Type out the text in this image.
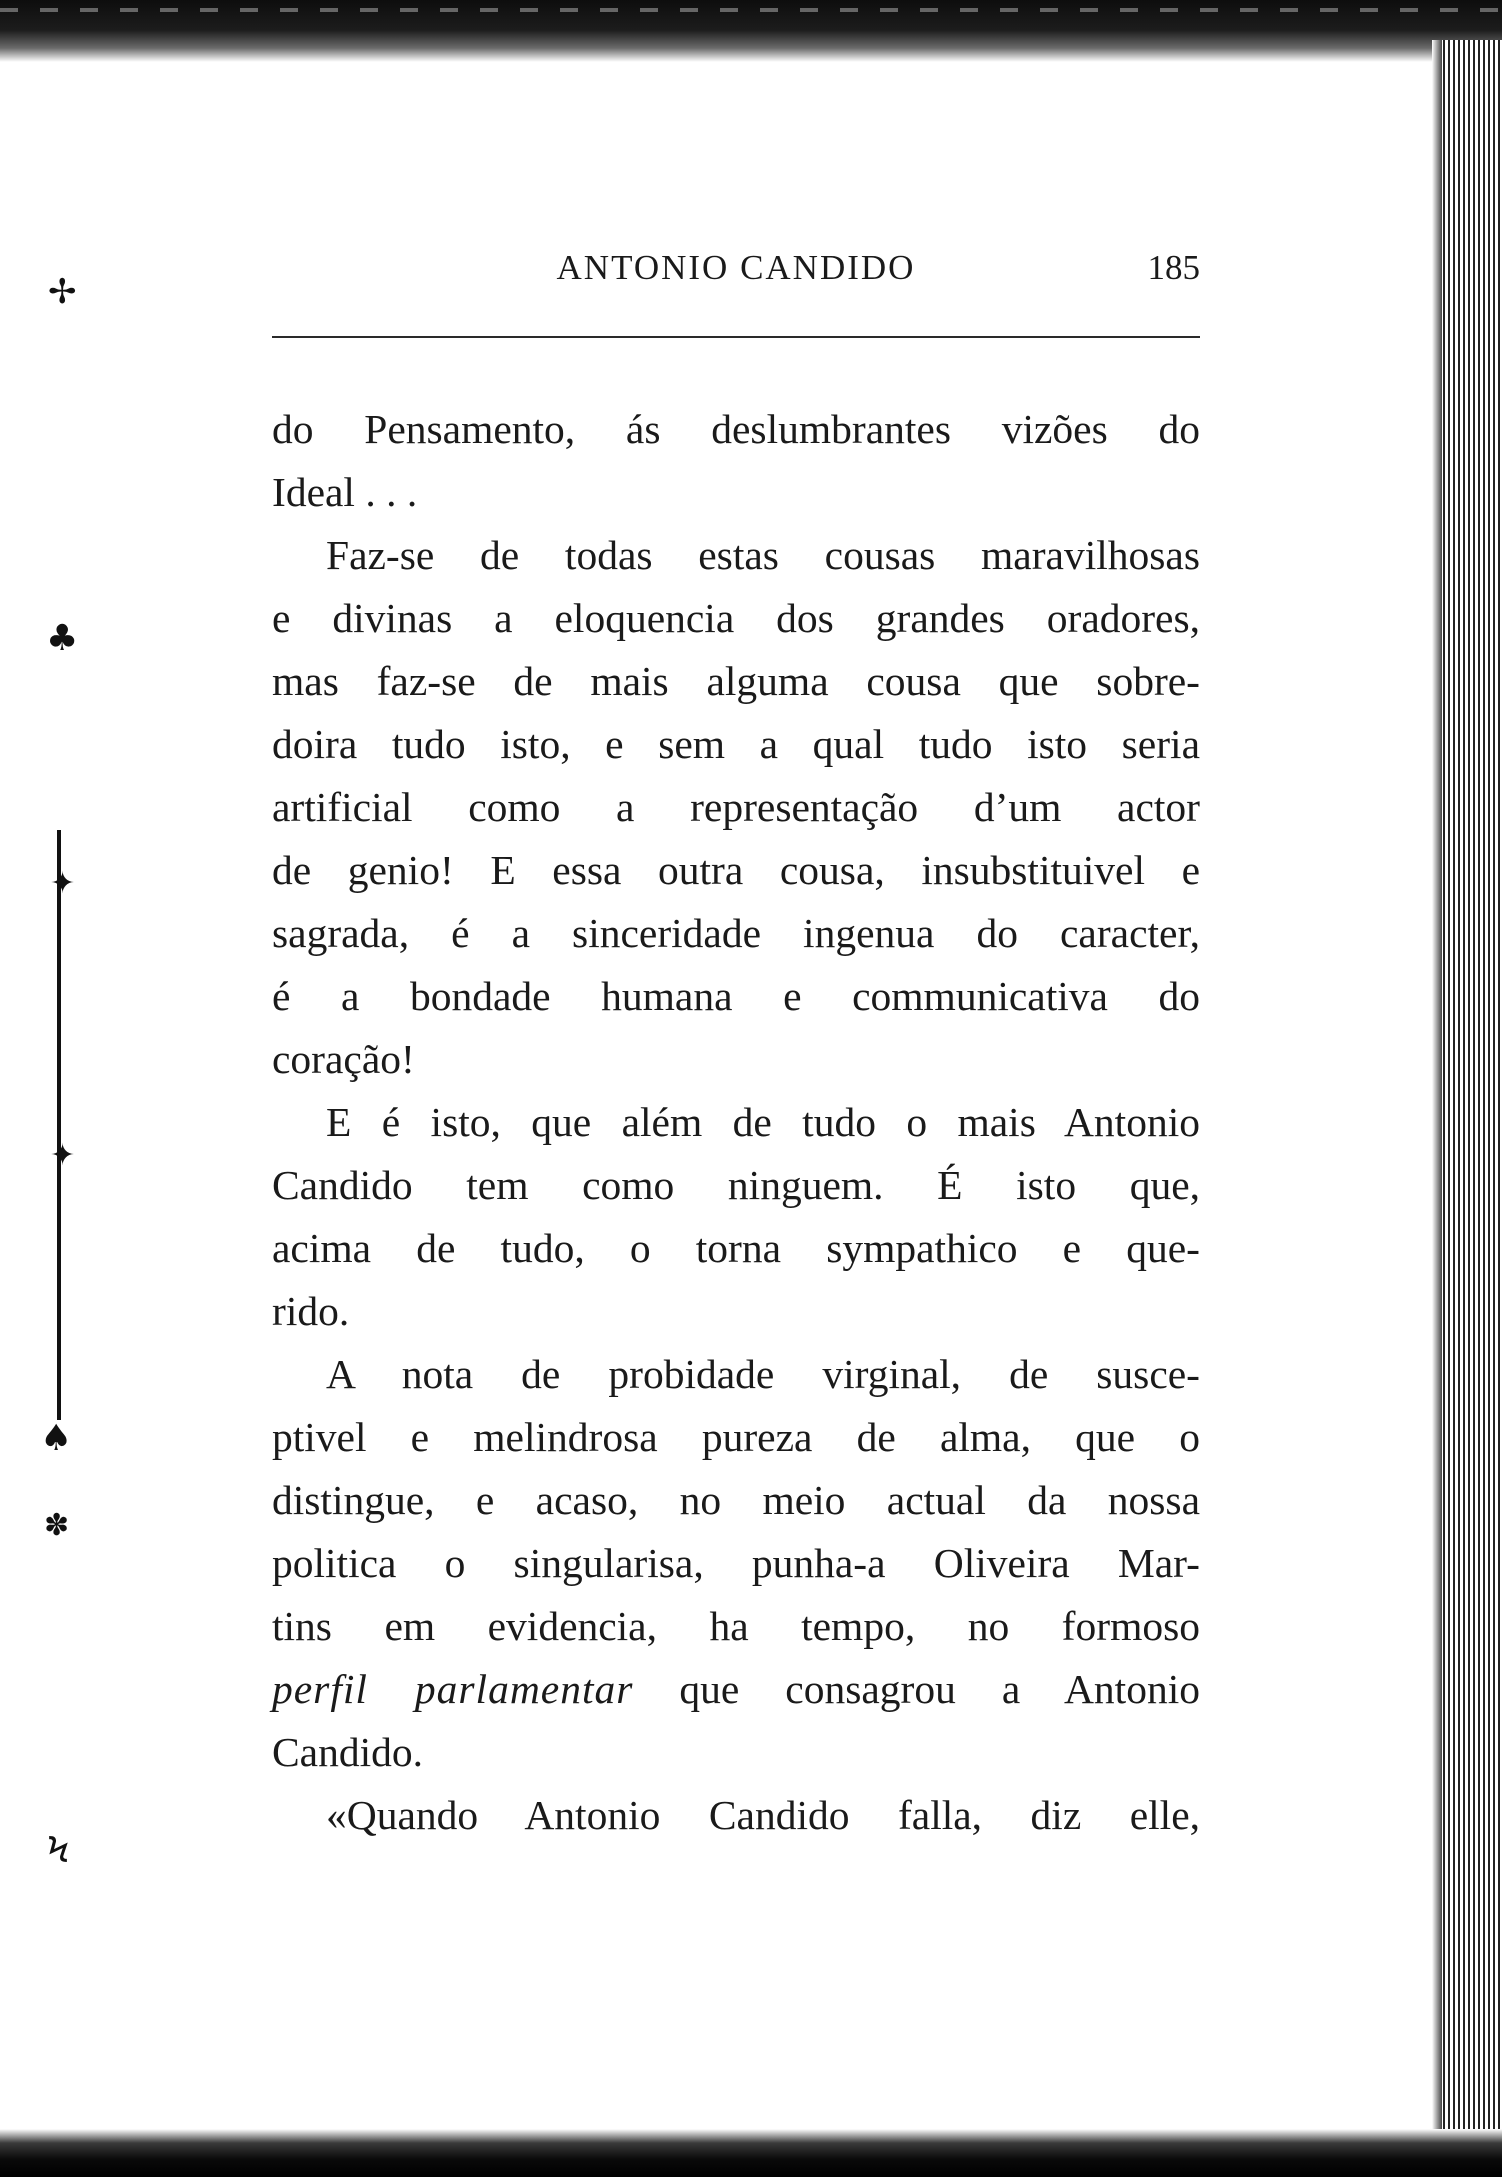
✢
♣
✦
✦
♠
✽
Ϟ
ANTONIO CANDIDO	185
do Pensamento, ás deslumbrantes vizões do
Ideal . . .
Faz-se de todas estas cousas maravilhosas
e divinas a eloquencia dos grandes oradores,
mas faz-se de mais alguma cousa que sobre-
doira tudo isto, e sem a qual tudo isto seria
artificial como a representação d’um actor
de genio! E essa outra cousa, insubstituivel e
sagrada, é a sinceridade ingenua do caracter,
é a bondade humana e communicativa do
coração!
E é isto, que além de tudo o mais Antonio
Candido tem como ninguem. É isto que,
acima de tudo, o torna sympathico e que-
rido.
A nota de probidade virginal, de susce-
ptivel e melindrosa pureza de alma, que o
distingue, e acaso, no meio actual da nossa
politica o singularisa, punha-a Oliveira Mar-
tins em evidencia, ha tempo, no formoso
perfil parlamentar que consagrou a Antonio
Candido.
«Quando Antonio Candido falla, diz elle,
